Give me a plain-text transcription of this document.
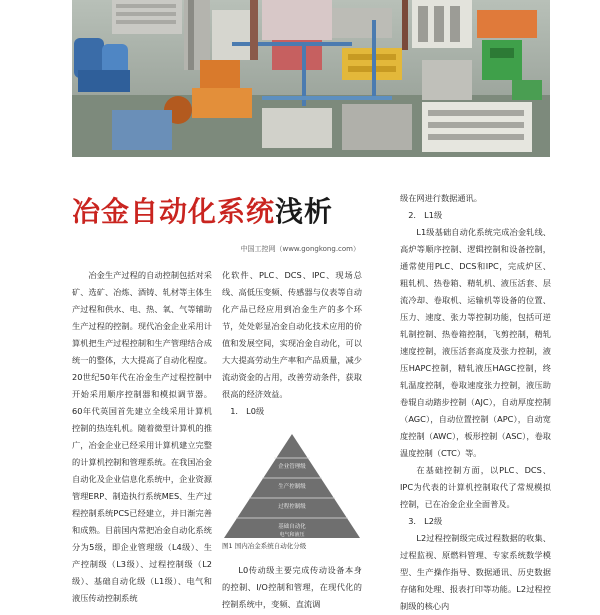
冶金自动化系统浅析
中国工控网（www.gongkong.com）

冶金生产过程的自动控制包括对采矿、选矿、冶炼、酒铸、轧材等主体生产过程和供水、电、热、氧、气等辅助生产过程的控制。现代冶金企业采用计算机把生产过程控制和生产管理结合成统一的整体，大大提高了自动化程度。20世纪50年代在冶金生产过程控制中开始采用顺序控制器和模拟调节器。60年代英国首先建立全线采用计算机控制的热连轧机。随着微型计算机的推广，冶金企业已经采用计算机建立完整的计算机控制和管理系统。在我国冶金自动化及企业信息化系统中，企业资源管理ERP、制造执行系统MES、生产过程控制系统PCS已经建立，并日渐完善和成熟。目前国内常把冶金自动化系统分为5级，即企业管理级（L4级）、生产控制级（L3级）、过程控制级（L2级）、基础自动化级（L1级）、电气和液压传动控制系统

化软件、PLC、DCS、IPC、现场总线、高低压变频、传感器与仪表等自动化产品已经应用到冶金生产的多个环节，处处彰显冶金自动化技术应用的价值和发展空间，实现冶金自动化，可以大大提高劳动生产率和产品质量，减少流动资金的占用，改善劳动条件，获取很高的经济效益。

1.　L0级

企业管理级
生产控制级
过程控制级
基础自动化
电气和液压
图1 国内冶金系统自动化分级

L0传动级主要完成传动设备本身的控制、I/O控制和管理，在现代化的控制系统中，变频、直流调

级在网进行数据通讯。

2.　L1级

L1级基础自动化系统完成冶金轧线、高炉等顺序控制、逻辑控制和设备控制，通常使用PLC、DCS和IPC，完成炉区、粗轧机、热卷箱、精轧机、液压活套、层流冷却、卷取机、运输机等设备的位置、压力、速度、张力等控制功能，包括可逆轧制控制、热卷箱控制，飞剪控制，精轧速度控制，液压活套高度及张力控制，液压HAPC控制，精轧液压HAGC控制，终轧温度控制，卷取速度张力控制，液压助卷辊自动踏步控制（AJC），自动厚度控制（AGC），自动位置控制（APC），自动宽度控制（AWC），板形控制（ASC），卷取温度控制（CTC）等。

在基础控制方面，以PLC、DCS、IPC为代表的计算机控制取代了常规模拟控制，已在冶金企业全面普及。

3.　L2级

L2过程控制级完成过程数据的收集、过程监视、原燃料管理、专家系统数学模型、生产操作指导、数据通讯、历史数据存储和处理、报表打印等功能。L2过程控制级的核心内
